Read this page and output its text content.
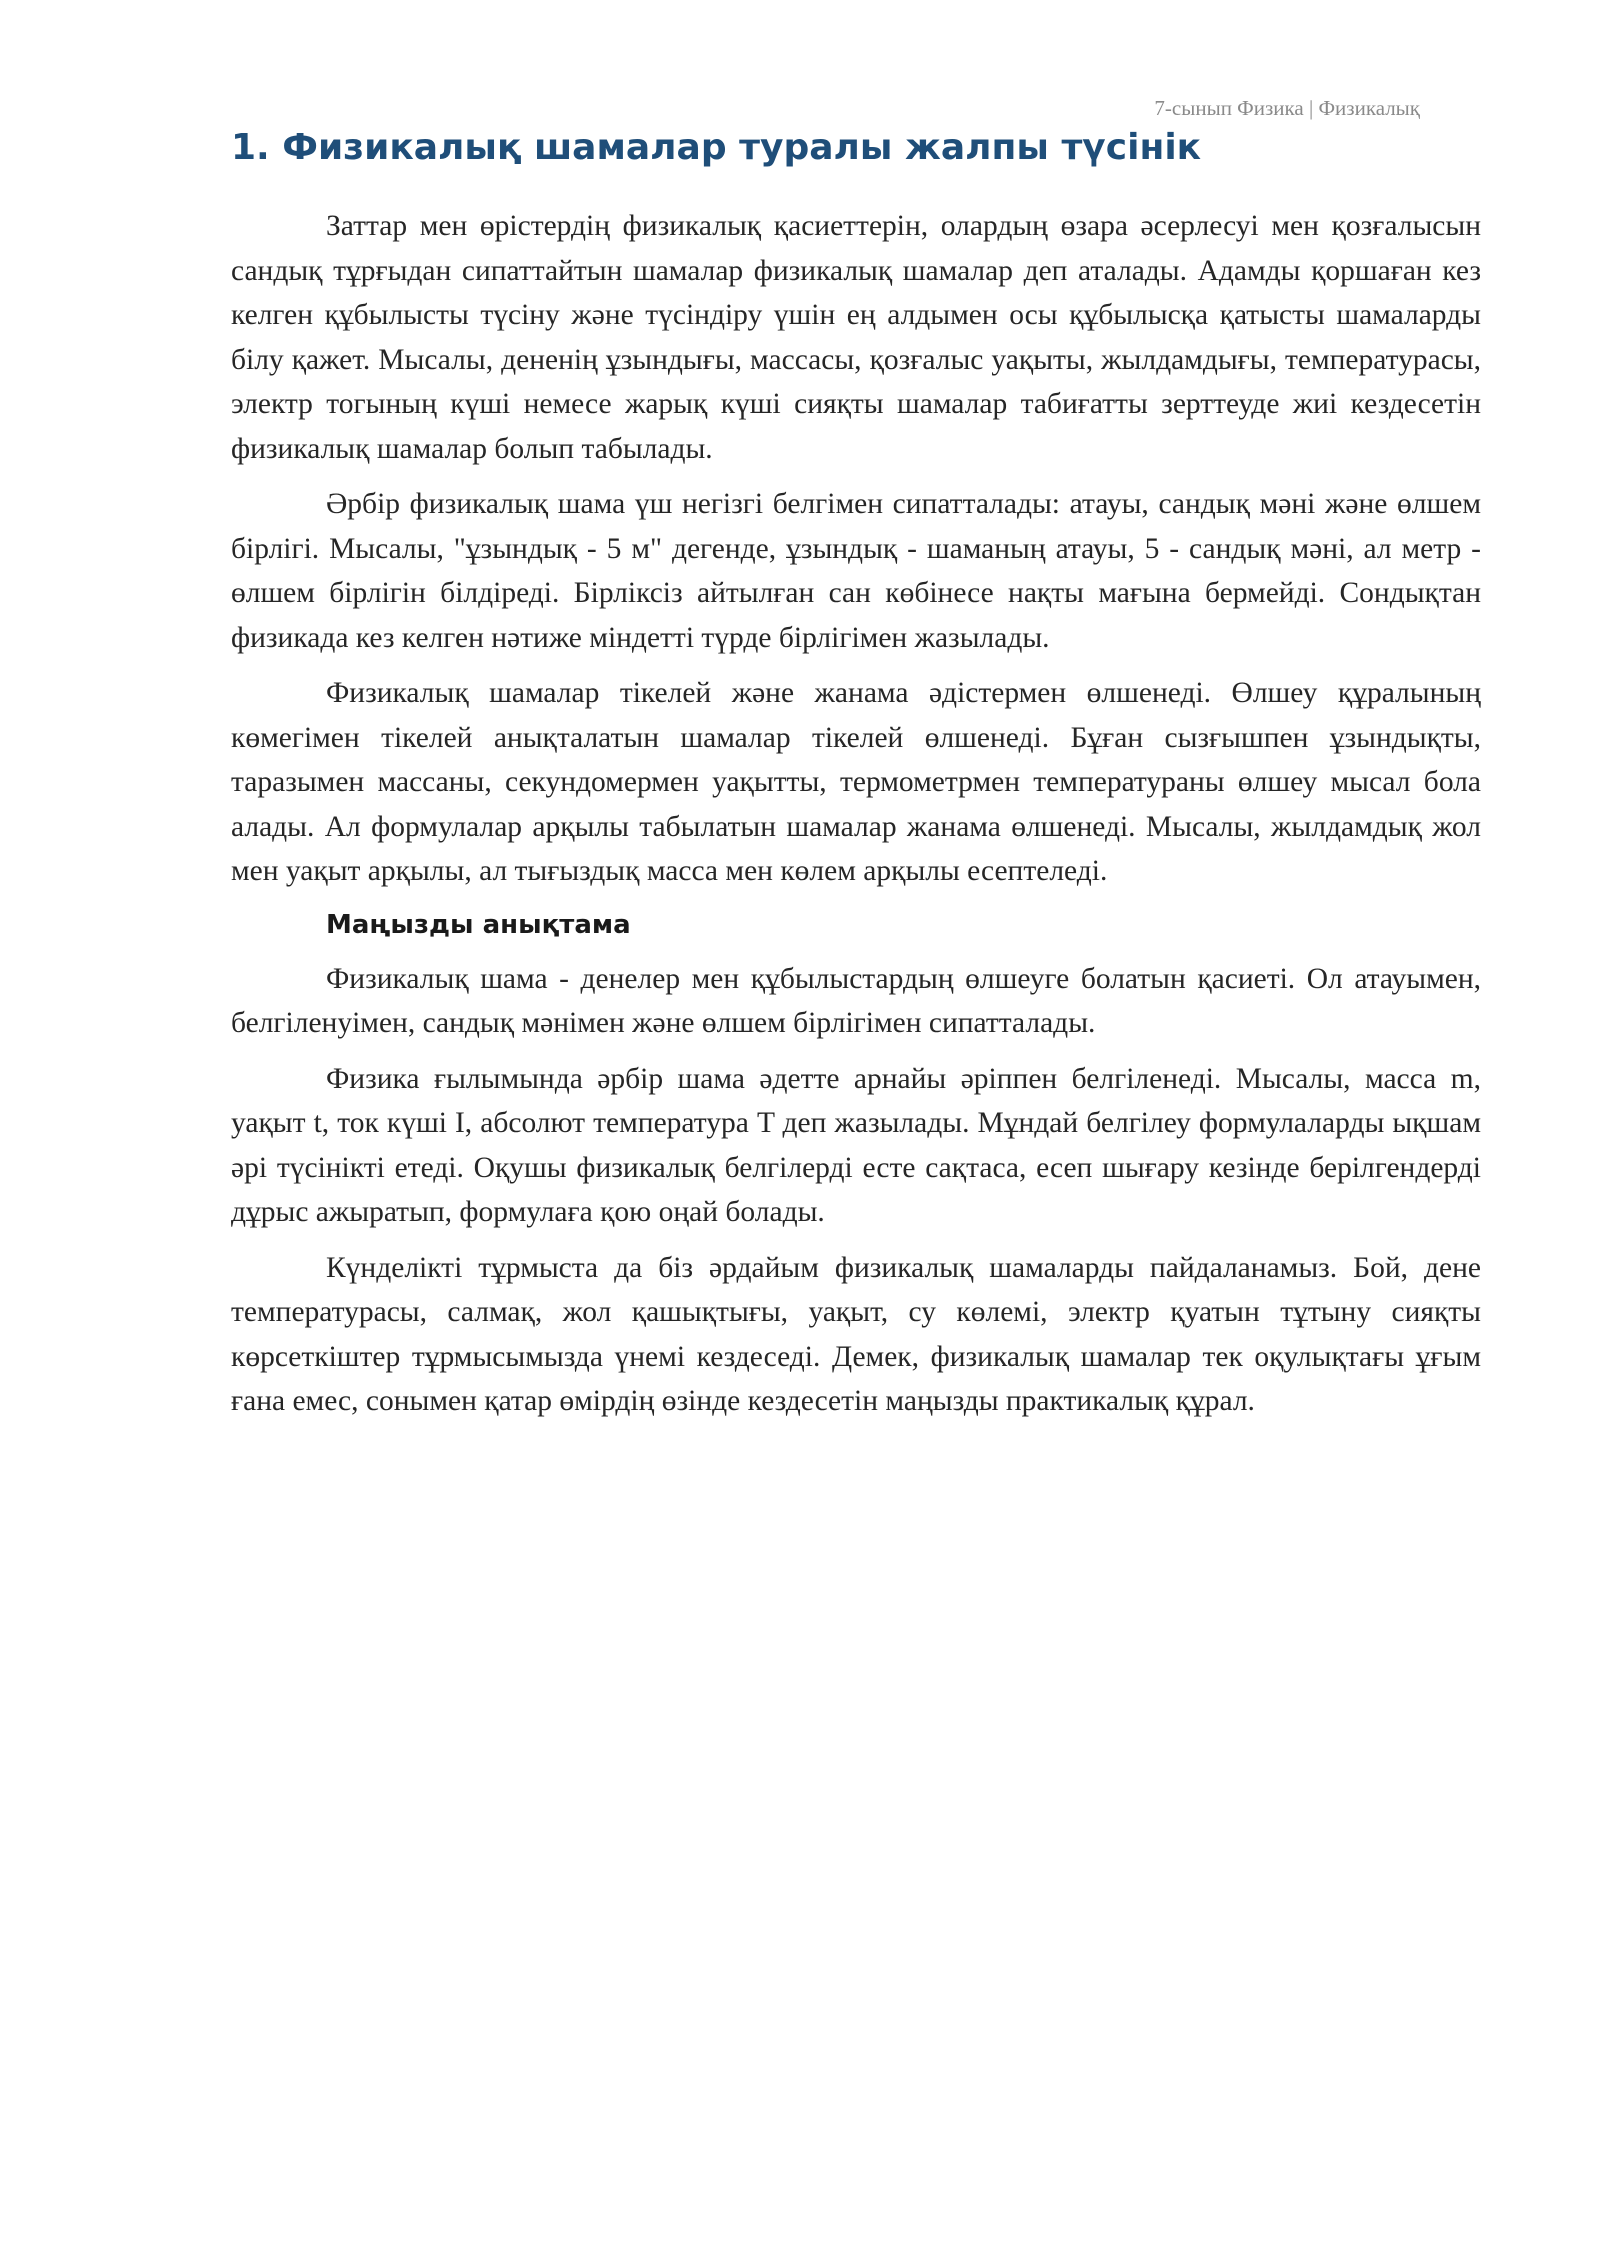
7-сынып Физика | Физикалық
1. Физикалық шамалар туралы жалпы түсінік

Заттар мен өрістердің физикалық қасиеттерін, олардың өзара әсерлесуі мен қозғалысын сандық тұрғыдан сипаттайтын шамалар физикалық шамалар деп аталады. Адамды қоршаған кез келген құбылысты түсіну және түсіндіру үшін ең алдымен осы құбылысқа қатысты шамаларды білу қажет. Мысалы, дененің ұзындығы, массасы, қозғалыс уақыты, жылдамдығы, температурасы, электр тогының күші немесе жарық күші сияқты шамалар табиғатты зерттеуде жиі кездесетін физикалық шамалар болып табылады.

Әрбір физикалық шама үш негізгі белгімен сипатталады: атауы, сандық мәні және өлшем бірлігі. Мысалы, "ұзындық - 5 м" дегенде, ұзындық - шаманың атауы, 5 - сандық мәні, ал метр - өлшем бірлігін білдіреді. Бірліксіз айтылған сан көбінесе нақты мағына бермейді. Сондықтан физикада кез келген нәтиже міндетті түрде бірлігімен жазылады.

Физикалық шамалар тікелей және жанама әдістермен өлшенеді. Өлшеу құралының көмегімен тікелей анықталатын шамалар тікелей өлшенеді. Бұған сызғышпен ұзындықты, таразымен массаны, секундомермен уақытты, термометрмен температураны өлшеу мысал бола алады. Ал формулалар арқылы табылатын шамалар жанама өлшенеді. Мысалы, жылдамдық жол мен уақыт арқылы, ал тығыздық масса мен көлем арқылы есептеледі.

Маңызды анықтама

Физикалық шама - денелер мен құбылыстардың өлшеуге болатын қасиеті. Ол атауымен, белгіленуімен, сандық мәнімен және өлшем бірлігімен сипатталады.

Физика ғылымында әрбір шама әдетте арнайы әріппен белгіленеді. Мысалы, масса m, уақыт t, ток күші I, абсолют температура T деп жазылады. Мұндай белгілеу формулаларды ықшам әрі түсінікті етеді. Оқушы физикалық белгілерді есте сақтаса, есеп шығару кезінде берілгендерді дұрыс ажыратып, формулаға қою оңай болады.

Күнделікті тұрмыста да біз әрдайым физикалық шамаларды пайдаланамыз. Бой, дене температурасы, салмақ, жол қашықтығы, уақыт, су көлемі, электр қуатын тұтыну сияқты көрсеткіштер тұрмысымызда үнемі кездеседі. Демек, физикалық шамалар тек оқулықтағы ұғым ғана емес, сонымен қатар өмірдің өзінде кездесетін маңызды практикалық құрал.
